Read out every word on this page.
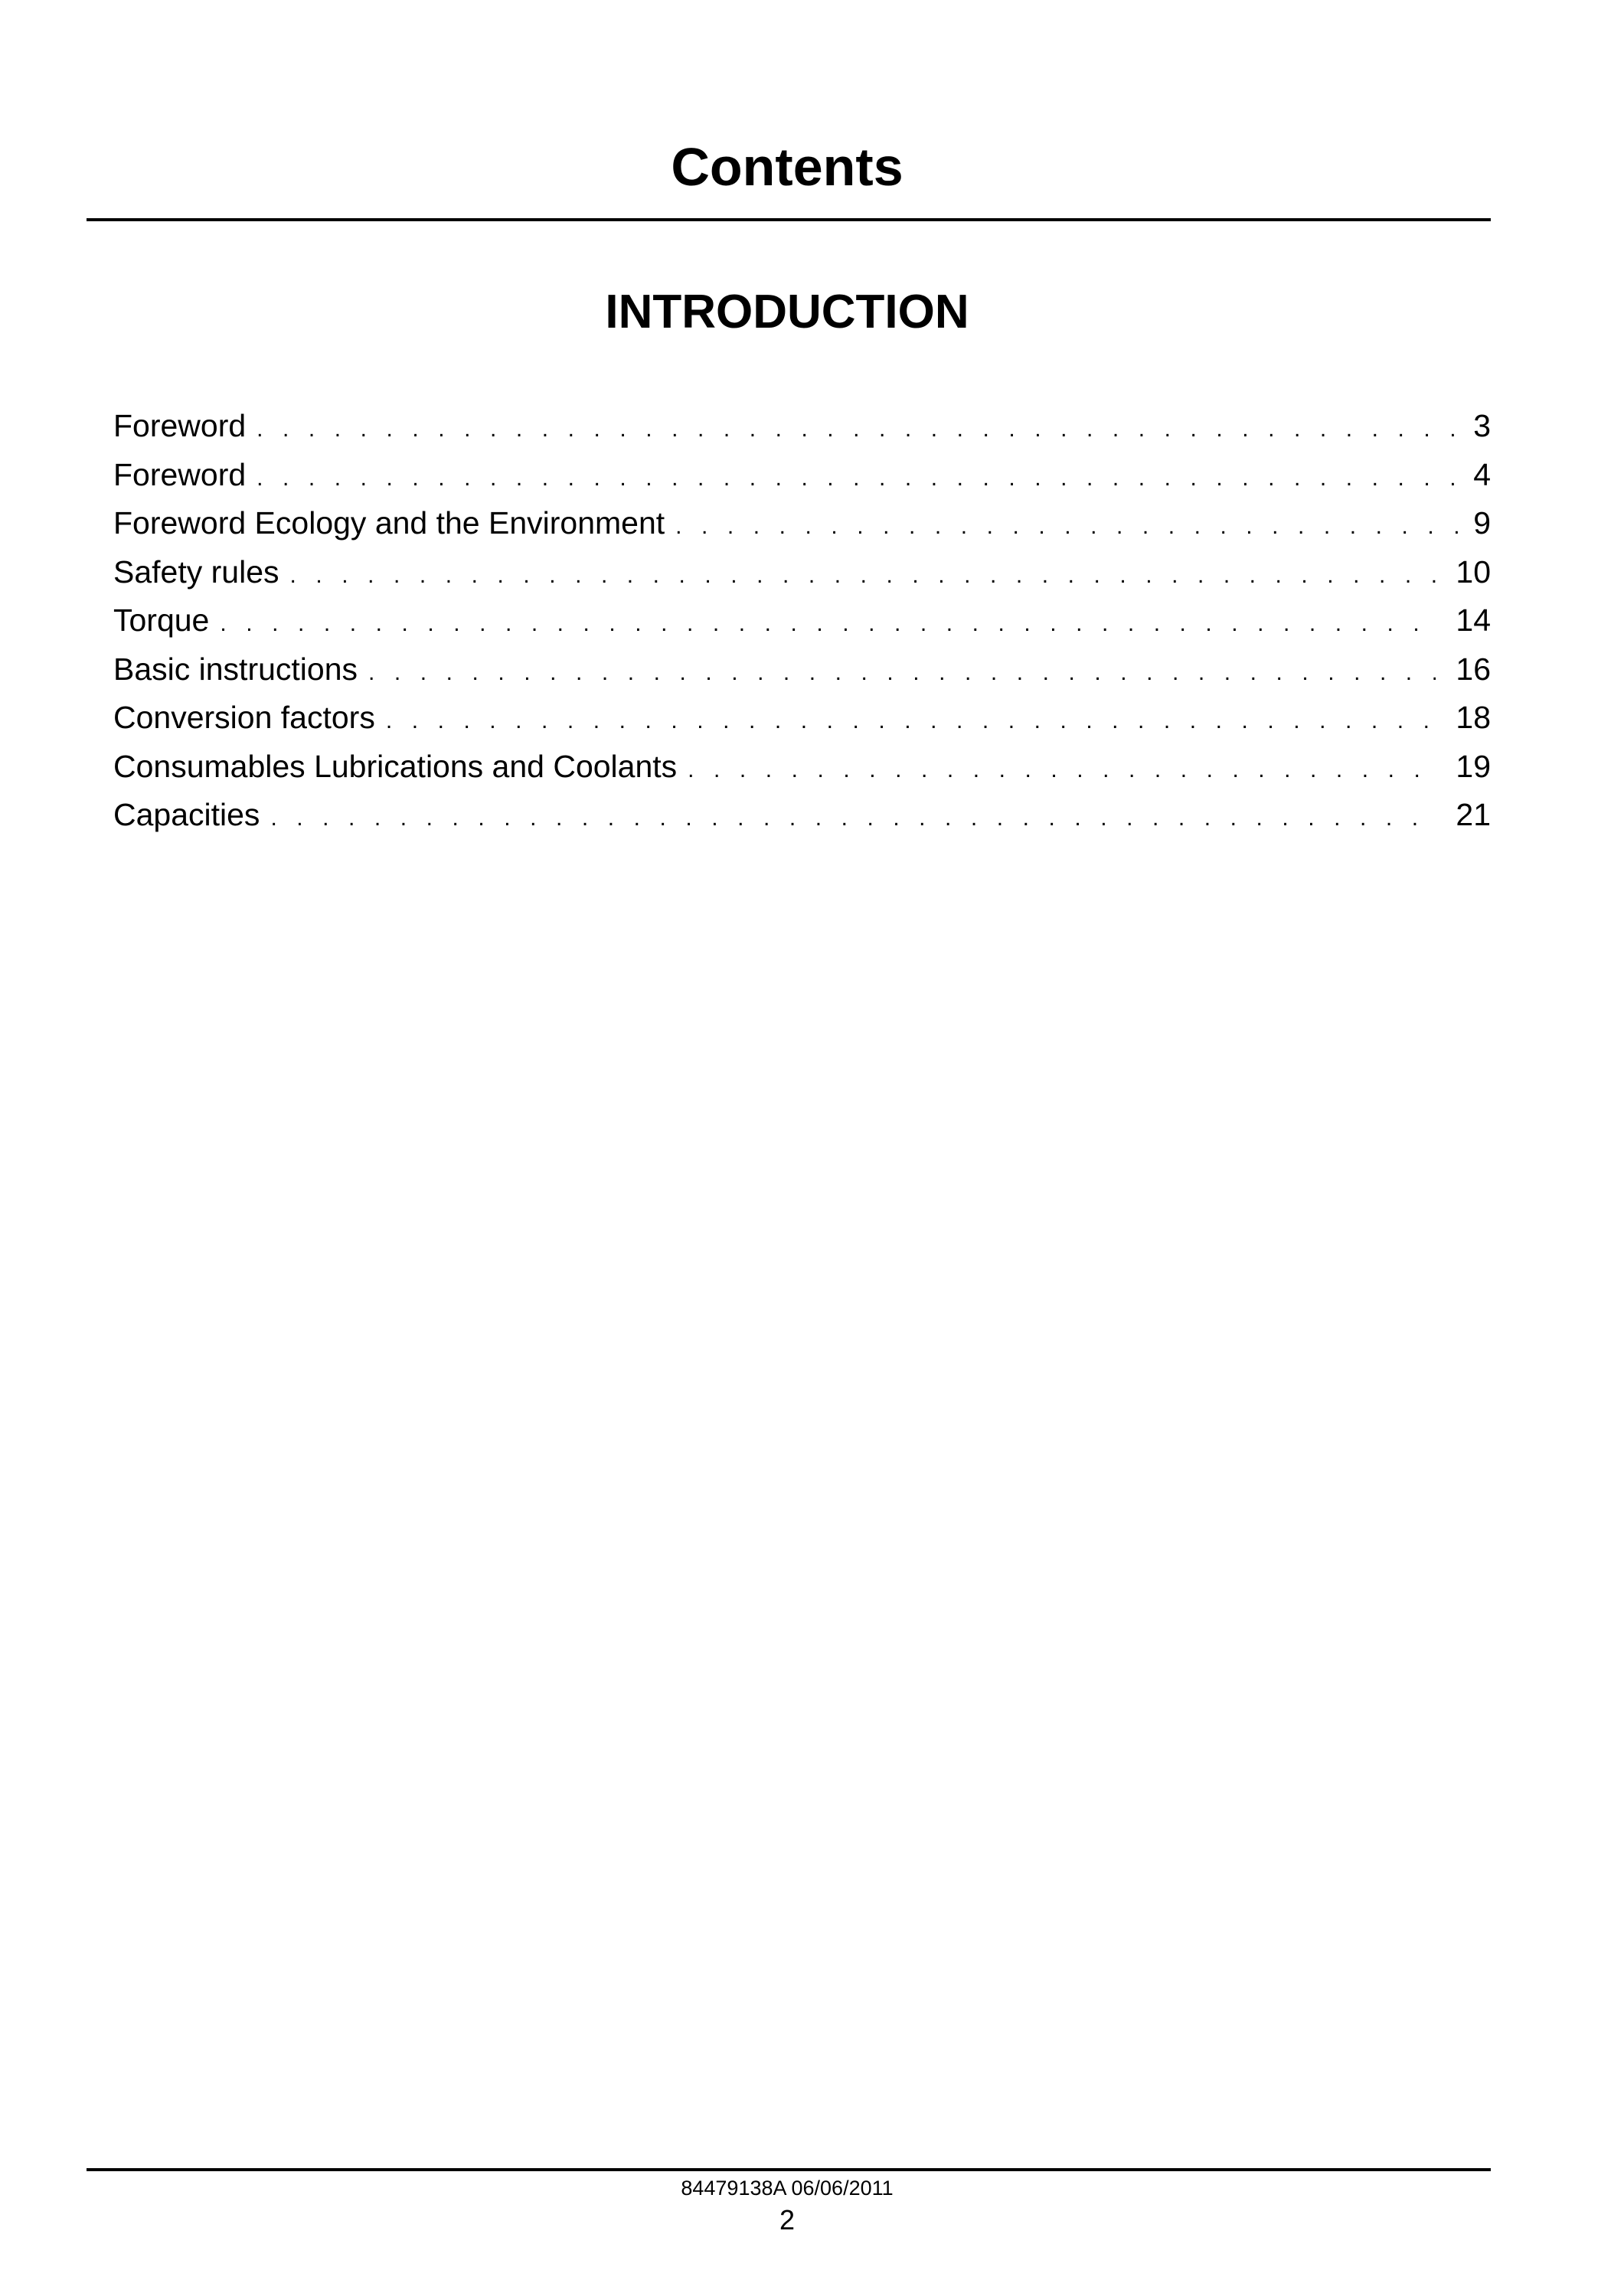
Contents
INTRODUCTION
Foreword . . .	3
Foreword . . .	4
Foreword Ecology and the Environment . . .	9
Safety rules . . .	10
Torque . . .	14
Basic instructions . . .	16
Conversion factors . . .	18
Consumables Lubrications and Coolants . . .	19
Capacities . . .	21
84479138A 06/06/2011
2
